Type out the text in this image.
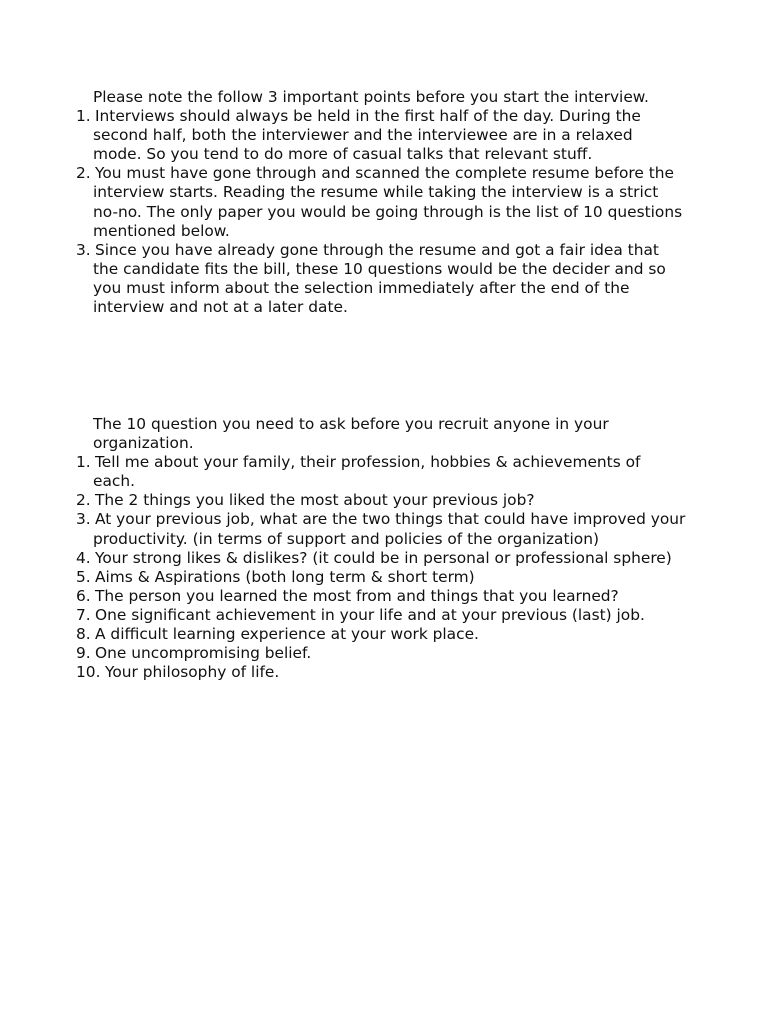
Please note the follow 3 important points before you start the interview.

1. Interviews should always be held in the first half of the day. During the second half, both the interviewer and the interviewee are in a relaxed mode. So you tend to do more of casual talks that relevant stuff.
2. You must have gone through and scanned the complete resume before the interview starts. Reading the resume while taking the interview is a strict no-no. The only paper you would be going through is the list of 10 questions mentioned below.
3. Since you have already gone through the resume and got a fair idea that the candidate fits the bill, these 10 questions would be the decider and so you must inform about the selection immediately after the end of the interview and not at a later date.

The 10 question you need to ask before you recruit anyone in your organization.

1. Tell me about your family, their profession, hobbies & achievements of each.
2. The 2 things you liked the most about your previous job?
3. At your previous job, what are the two things that could have improved your productivity. (in terms of support and policies of the organization)
4. Your strong likes & dislikes? (it could be in personal or professional sphere)
5. Aims & Aspirations (both long term & short term)
6. The person you learned the most from and things that you learned?
7. One significant achievement in your life and at your previous (last) job.
8. A difficult learning experience at your work place.
9. One uncompromising belief.
10. Your philosophy of life.
